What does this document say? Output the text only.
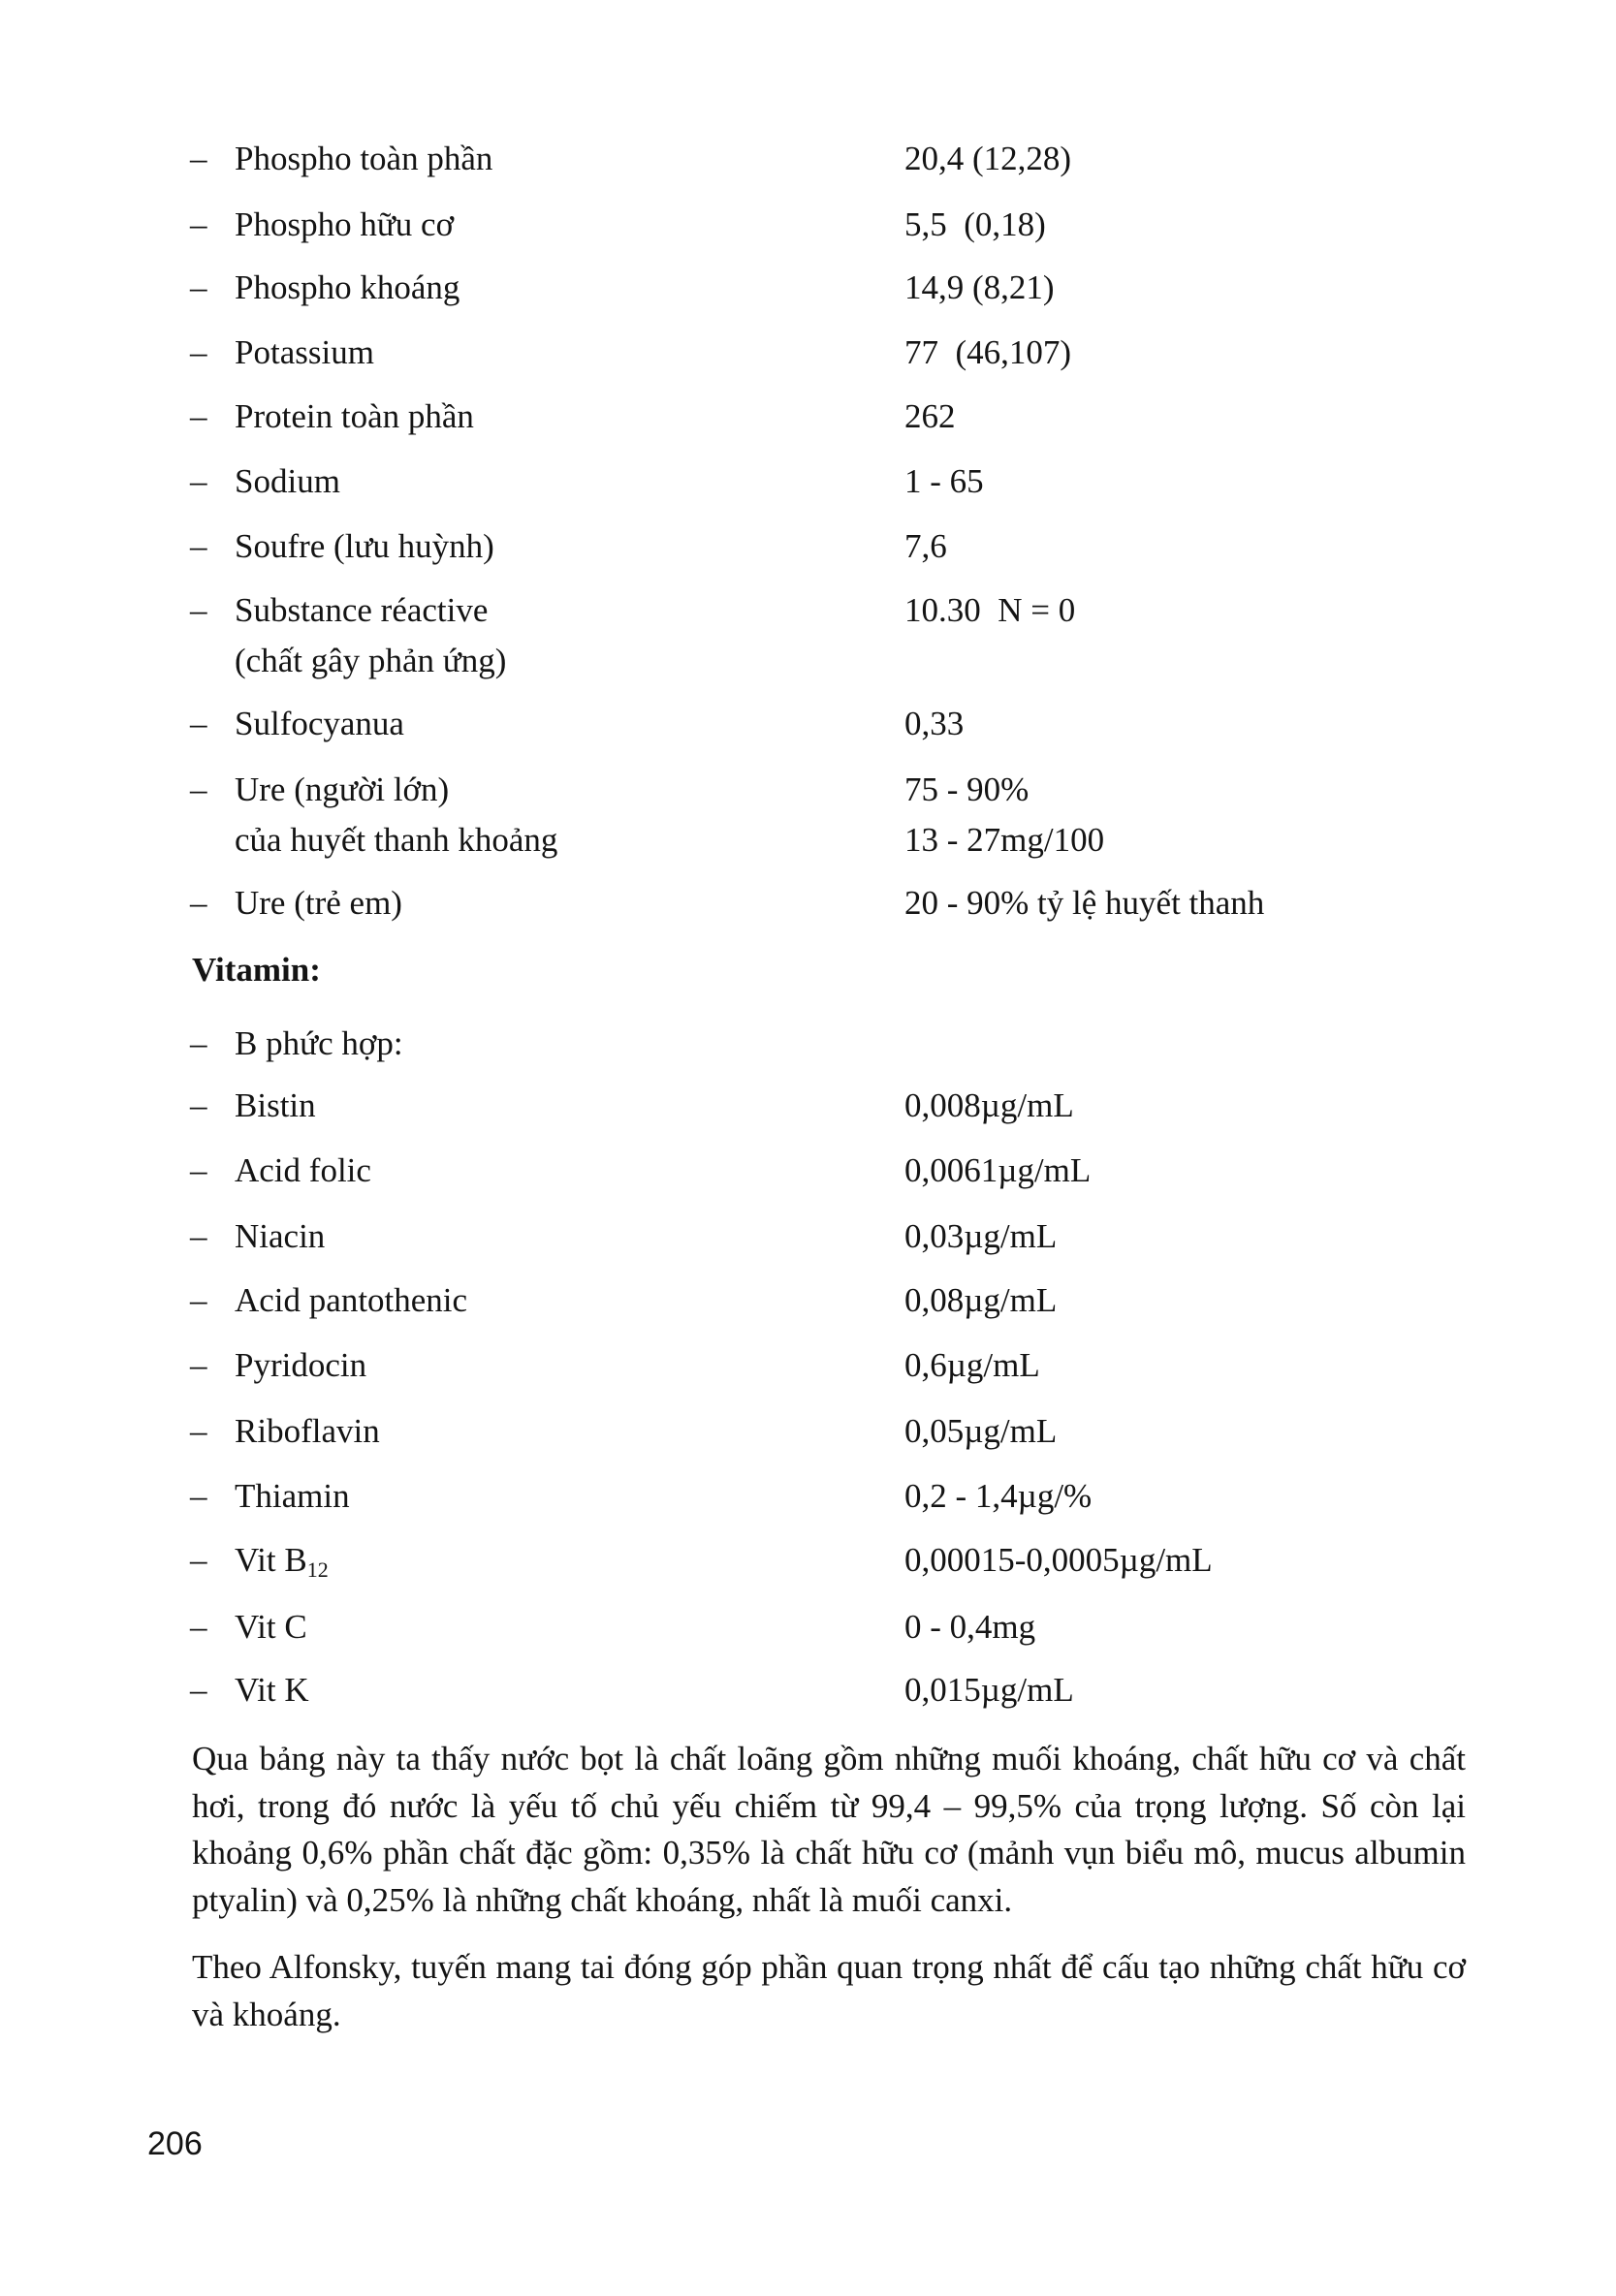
– Phospho toàn phần	20,4 (12,28)
– Phospho hữu cơ	5,5  (0,18)
– Phospho khoáng	14,9 (8,21)
– Potassium	77  (46,107)
– Protein toàn phần	262
– Sodium	1 - 65
– Soufre (lưu huỳnh)	7,6
– Substance réactive	10.30  N = 0
(chất gây phản ứng)
– Sulfocyanua	0,33
– Ure (người lớn)	75 - 90%
của huyết thanh khoảng	13 - 27mg/100
– Ure (trẻ em)	20 - 90% tỷ lệ huyết thanh
Vitamin:
– B phức hợp:
– Bistin	0,008µg/mL
– Acid folic	0,0061µg/mL
– Niacin	0,03µg/mL
– Acid pantothenic	0,08µg/mL
– Pyridocin	0,6µg/mL
– Riboflavin	0,05µg/mL
– Thiamin	0,2 - 1,4µg/%
– Vit $B_{12}$	0,00015-0,0005µg/mL
– Vit C	0 - 0,4mg
– Vit K	0,015µg/mL

Qua bảng này ta thấy nước bọt là chất loãng gồm những muối khoáng, chất hữu cơ và chất hơi, trong đó nước là yếu tố chủ yếu chiếm từ 99,4 – 99,5% của trọng lượng. Số còn lại khoảng 0,6% phần chất đặc gồm: 0,35% là chất hữu cơ (mảnh vụn biểu mô, mucus albumin ptyalin) và 0,25% là những chất khoáng, nhất là muối canxi.

Theo Alfonsky, tuyến mang tai đóng góp phần quan trọng nhất để cấu tạo những chất hữu cơ và khoáng.

206
